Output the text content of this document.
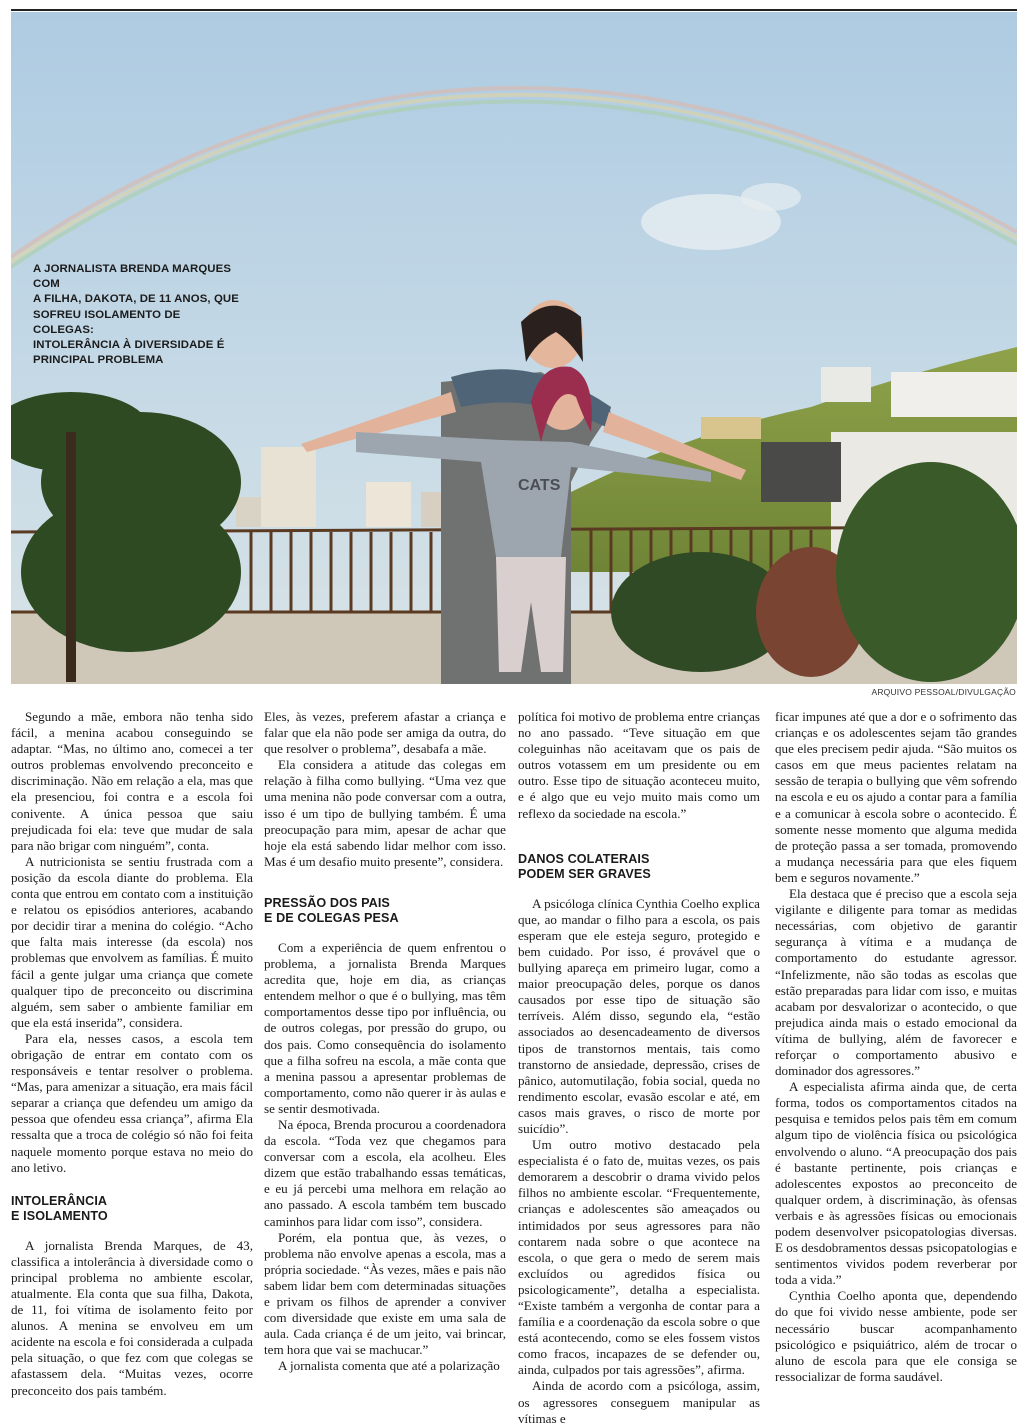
CATS

A JORNALISTA BRENDA MARQUES COM

A FILHA, DAKOTA, DE 11 ANOS, QUE

SOFREU ISOLAMENTO DE COLEGAS:

INTOLERÂNCIA À DIVERSIDADE É

PRINCIPAL PROBLEMA

ARQUIVO PESSOAL/DIVULGAÇÃO

Segundo a mãe, embora não tenha sido fácil, a menina acabou conseguindo se adaptar. “Mas, no último ano, comecei a ter outros problemas envolvendo preconceito e discriminação. Não em relação a ela, mas que ela presenciou, foi contra e a escola foi conivente. A única pessoa que saiu prejudicada foi ela: teve que mudar de sala para não brigar com ninguém”, conta.

A nutricionista se sentiu frustrada com a posição da escola diante do problema. Ela conta que entrou em contato com a instituição e relatou os episódios anteriores, acabando por decidir tirar a menina do colégio. “Acho que falta mais interesse (da escola) nos problemas que envolvem as famílias. É muito fácil a gente julgar uma criança que comete qualquer tipo de preconceito ou discrimina alguém, sem saber o ambiente familiar em que ela está inserida”, considera.

Para ela, nesses casos, a escola tem obrigação de entrar em contato com os responsáveis e tentar resolver o problema. “Mas, para amenizar a situação, era mais fácil separar a criança que defendeu um amigo da pessoa que ofendeu essa criança”, afirma Ela ressalta que a troca de colégio só não foi feita naquele momento porque estava no meio do ano letivo.

INTOLERÂNCIA
E ISOLAMENTO

A jornalista Brenda Marques, de 43, classifica a intolerância à diversidade como o principal problema no ambiente escolar, atualmente. Ela conta que sua filha, Dakota, de 11, foi vítima de isolamento feito por alunos. A menina se envolveu em um acidente na escola e foi considerada a culpada pela situação, o que fez com que colegas se afastassem dela. “Muitas vezes, ocorre preconceito dos pais também.

Eles, às vezes, preferem afastar a criança e falar que ela não pode ser amiga da outra, do que resolver o problema”, desabafa a mãe.

Ela considera a atitude das colegas em relação à filha como bullying. “Uma vez que uma menina não pode conversar com a outra, isso é um tipo de bullying também. É uma preocupação para mim, apesar de achar que hoje ela está sabendo lidar melhor com isso. Mas é um desafio muito presente”, considera.

PRESSÃO DOS PAIS
E DE COLEGAS PESA

Com a experiência de quem enfrentou o problema, a jornalista Brenda Marques acredita que, hoje em dia, as crianças entendem melhor o que é o bullying, mas têm comportamentos desse tipo por influência, ou de outros colegas, por pressão do grupo, ou dos pais. Como consequência do isolamento que a filha sofreu na escola, a mãe conta que a menina passou a apresentar problemas de comportamento, como não querer ir às aulas e se sentir desmotivada.

Na época, Brenda procurou a coordenadora da escola. “Toda vez que chegamos para conversar com a escola, ela acolheu. Eles dizem que estão trabalhando essas temáticas, e eu já percebi uma melhora em relação ao ano passado. A escola também tem buscado caminhos para lidar com isso”, considera.

Porém, ela pontua que, às vezes, o problema não envolve apenas a escola, mas a própria sociedade. “Às vezes, mães e pais não sabem lidar bem com determinadas situações e privam os filhos de aprender a conviver com diversidade que existe em uma sala de aula. Cada criança é de um jeito, vai brincar, tem hora que vai se machucar.”

A jornalista comenta que até a polarização

política foi motivo de problema entre crianças no ano passado. “Teve situação em que coleguinhas não aceitavam que os pais de outros votassem em um presidente ou em outro. Esse tipo de situação aconteceu muito, e é algo que eu vejo muito mais como um reflexo da sociedade na escola.”

DANOS COLATERAIS
PODEM SER GRAVES

A psicóloga clínica Cynthia Coelho explica que, ao mandar o filho para a escola, os pais esperam que ele esteja seguro, protegido e bem cuidado. Por isso, é provável que o bullying apareça em primeiro lugar, como a maior preocupação deles, porque os danos causados por esse tipo de situação são terríveis. Além disso, segundo ela, “estão associados ao desencadeamento de diversos tipos de transtornos mentais, tais como transtorno de ansiedade, depressão, crises de pânico, automutilação, fobia social, queda no rendimento escolar, evasão escolar e até, em casos mais graves, o risco de morte por suicídio”.

Um outro motivo destacado pela especialista é o fato de, muitas vezes, os pais demorarem a descobrir o drama vivido pelos filhos no ambiente escolar. “Frequentemente, crianças e adolescentes são ameaçados ou intimidados por seus agressores para não contarem nada sobre o que acontece na escola, o que gera o medo de serem mais excluídos ou agredidos física ou psicologicamente”, detalha a especialista. “Existe também a vergonha de contar para a família e a coordenação da escola sobre o que está acontecendo, como se eles fossem vistos como fracos, incapazes de se defender ou, ainda, culpados por tais agressões”, afirma.

Ainda de acordo com a psicóloga, assim, os agressores conseguem manipular as vítimas e

ficar impunes até que a dor e o sofrimento das crianças e os adolescentes sejam tão grandes que eles precisem pedir ajuda. “São muitos os casos em que meus pacientes relatam na sessão de terapia o bullying que vêm sofrendo na escola e eu os ajudo a contar para a família e a comunicar à escola sobre o acontecido. É somente nesse momento que alguma medida de proteção passa a ser tomada, promovendo a mudança necessária para que eles fiquem bem e seguros novamente.”

Ela destaca que é preciso que a escola seja vigilante e diligente para tomar as medidas necessárias, com objetivo de garantir segurança à vítima e a mudança de comportamento do estudante agressor. “Infelizmente, não são todas as escolas que estão preparadas para lidar com isso, e muitas acabam por desvalorizar o acontecido, o que prejudica ainda mais o estado emocional da vítima de bullying, além de favorecer e reforçar o comportamento abusivo e dominador dos agressores.”

A especialista afirma ainda que, de certa forma, todos os comportamentos citados na pesquisa e temidos pelos pais têm em comum algum tipo de violência física ou psicológica envolvendo o aluno. “A preocupação dos pais é bastante pertinente, pois crianças e adolescentes expostos ao preconceito de qualquer ordem, à discriminação, às ofensas verbais e às agressões físicas ou emocionais podem desenvolver psicopatologias diversas. E os desdobramentos dessas psicopatologias e sentimentos vividos podem reverberar por toda a vida.”

Cynthia Coelho aponta que, dependendo do que foi vivido nesse ambiente, pode ser necessário buscar acompanhamento psicológico e psiquiátrico, além de trocar o aluno de escola para que ele consiga se ressocializar de forma saudável.
